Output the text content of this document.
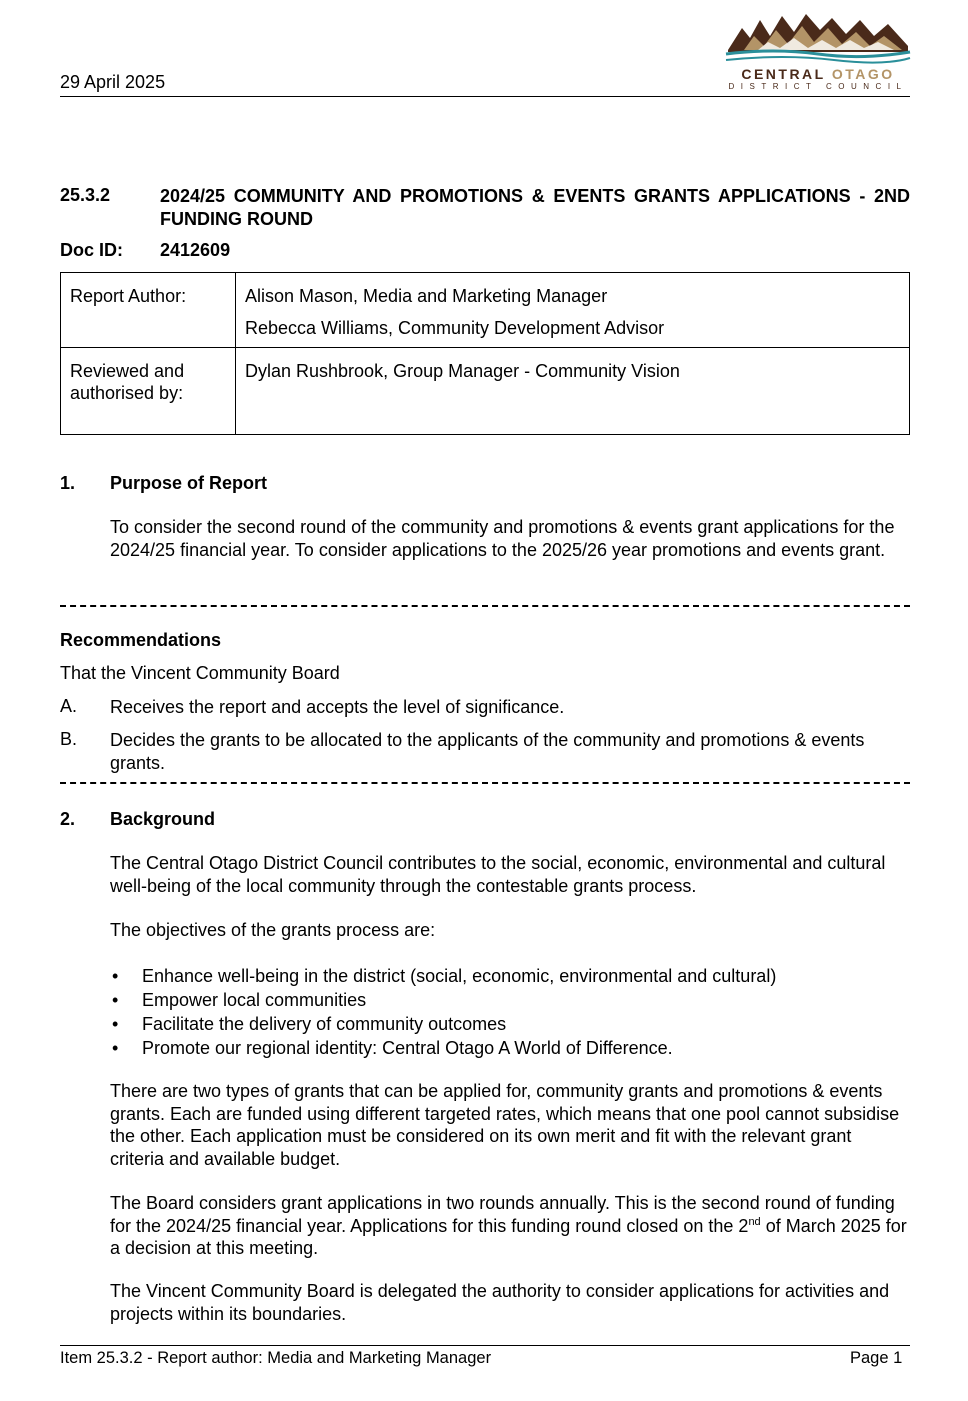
29 April 2025	CENTRAL OTAGO
DISTRICT COUNCIL
25.3.2	2024/25 COMMUNITY AND PROMOTIONS & EVENTS GRANTS APPLICATIONS - 2ND FUNDING ROUND
Doc ID: 2412609

Report Author:	Alison Mason, Media and Marketing Manager

Rebecca Williams, Community Development Advisor

Reviewed and
authorised by:	Dylan Rushbrook, Group Manager - Community Vision
1. Purpose of Report
To consider the second round of the community and promotions & events grant applications for the 2024/25 financial year. To consider applications to the 2025/26 year promotions and events grant.
Recommendations
That the Vincent Community Board
A. Receives the report and accepts the level of significance.
B. Decides the grants to be allocated to the applicants of the community and promotions & events grants.
2. Background
The Central Otago District Council contributes to the social, economic, environmental and cultural well-being of the local community through the contestable grants process.
The objectives of the grants process are:
• Enhance well-being in the district (social, economic, environmental and cultural)
• Empower local communities
• Facilitate the delivery of community outcomes
• Promote our regional identity: Central Otago A World of Difference.
There are two types of grants that can be applied for, community grants and promotions & events grants. Each are funded using different targeted rates, which means that one pool cannot subsidise the other. Each application must be considered on its own merit and fit with the relevant grant criteria and available budget.
The Board considers grant applications in two rounds annually. This is the second round of funding for the 2024/25 financial year. Applications for this funding round closed on the 2nd of March 2025 for a decision at this meeting.
The Vincent Community Board is delegated the authority to consider applications for activities and projects within its boundaries.
Item 25.3.2 - Report author: Media and Marketing Manager	Page 1
